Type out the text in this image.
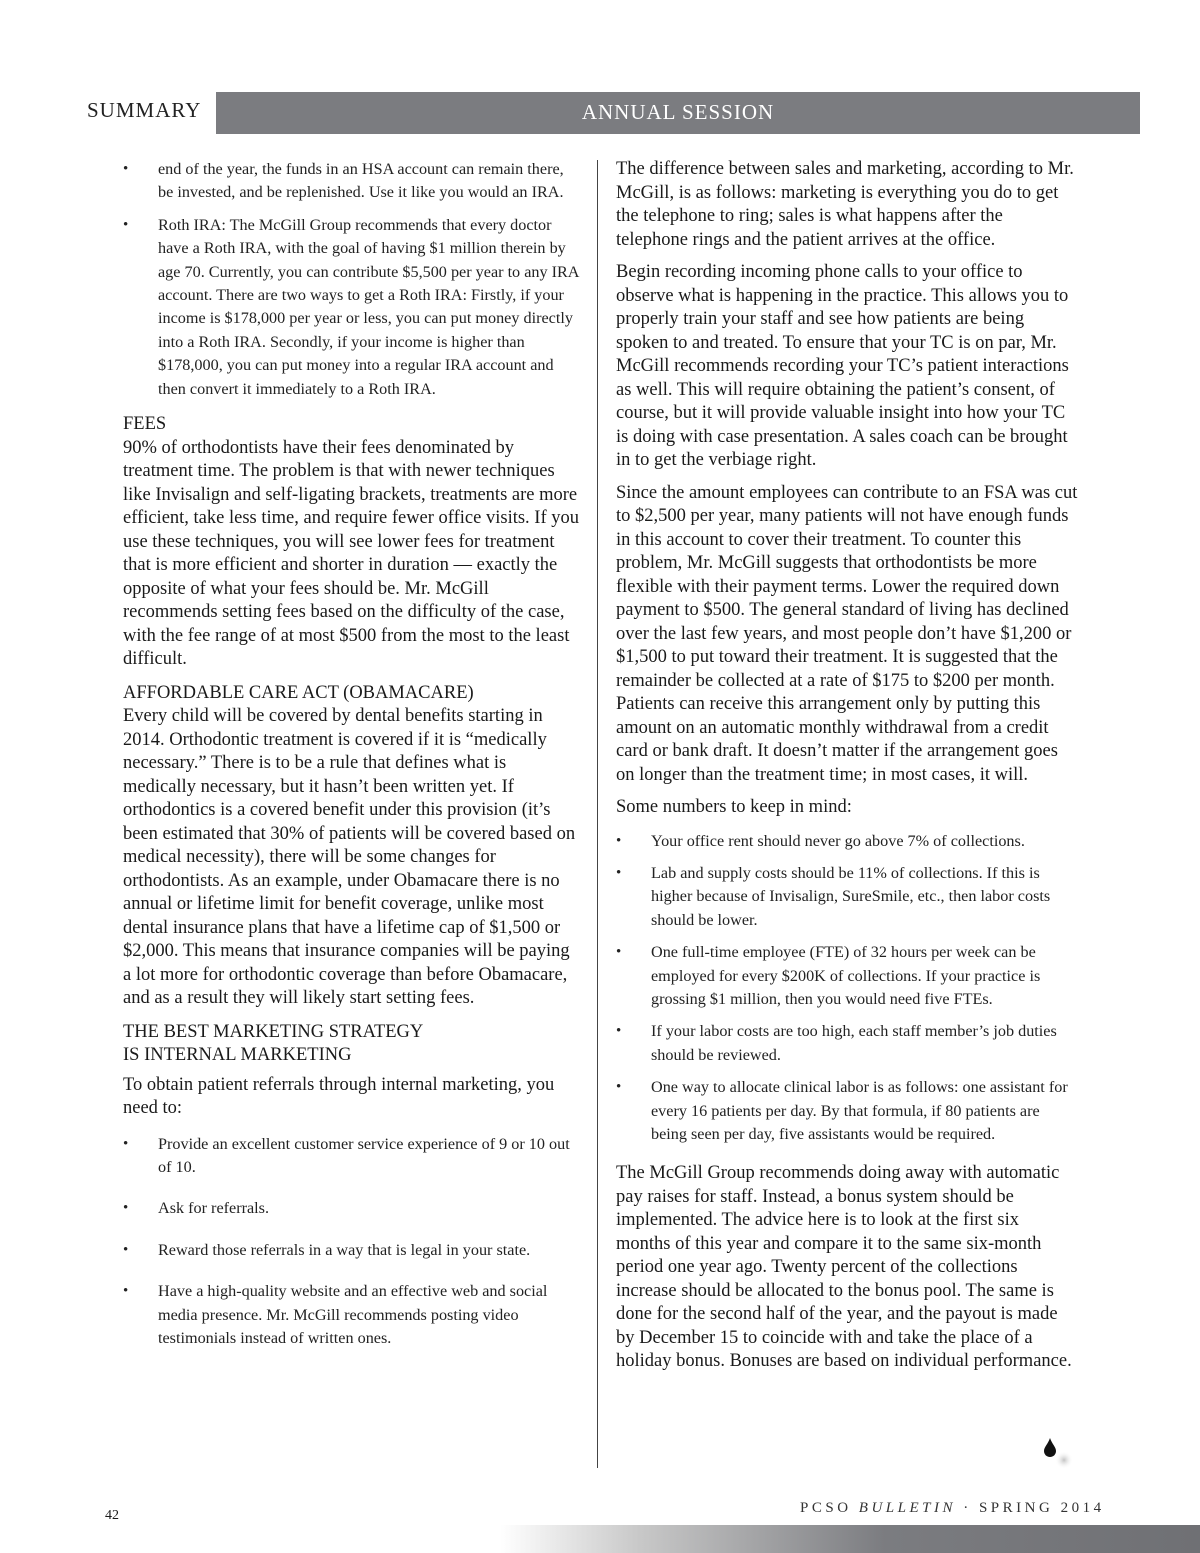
SUMMARY	ANNUAL SESSION
• end of the year, the funds in an HSA account can remain there, be invested, and be replenished. Use it like you would an IRA.
• Roth IRA: The McGill Group recommends that every doctor have a Roth IRA, with the goal of having $1 million therein by age 70. Currently, you can contribute $5,500 per year to any IRA account. There are two ways to get a Roth IRA: Firstly, if your income is $178,000 per year or less, you can put money directly into a Roth IRA. Secondly, if your income is higher than $178,000, you can put money into a regular IRA account and then convert it immediately to a Roth IRA.

FEES

90% of orthodontists have their fees denominated by treatment time. The problem is that with newer techniques like Invisalign and self-ligating brackets, treatments are more efficient, take less time, and require fewer office visits. If you use these techniques, you will see lower fees for treatment that is more efficient and shorter in duration — exactly the opposite of what your fees should be. Mr. McGill recommends setting fees based on the difficulty of the case, with the fee range of at most $500 from the most to the least difficult.

AFFORDABLE CARE ACT (OBAMACARE)

Every child will be covered by dental benefits starting in 2014. Orthodontic treatment is covered if it is “medically necessary.” There is to be a rule that defines what is medically necessary, but it hasn’t been written yet. If orthodontics is a covered benefit under this provision (it’s been estimated that 30% of patients will be covered based on medical necessity), there will be some changes for orthodontists. As an example, under Obamacare there is no annual or lifetime limit for benefit coverage, unlike most dental insurance plans that have a lifetime cap of $1,500 or $2,000. This means that insurance companies will be paying a lot more for orthodontic coverage than before Obamacare, and as a result they will likely start setting fees.

THE BEST MARKETING STRATEGY

IS INTERNAL MARKETING

To obtain patient referrals through internal marketing, you need to:

• Provide an excellent customer service experience of 9 or 10 out of 10.
• Ask for referrals.
• Reward those referrals in a way that is legal in your state.
• Have a high-quality website and an effective web and social media presence. Mr. McGill recommends posting video testimonials instead of written ones.

The difference between sales and marketing, according to Mr. McGill, is as follows: marketing is everything you do to get the telephone to ring; sales is what happens after the telephone rings and the patient arrives at the office.

Begin recording incoming phone calls to your office to observe what is happening in the practice. This allows you to properly train your staff and see how patients are being spoken to and treated. To ensure that your TC is on par, Mr. McGill recommends recording your TC’s patient interactions as well. This will require obtaining the patient’s consent, of course, but it will provide valuable insight into how your TC is doing with case presentation. A sales coach can be brought in to get the verbiage right.

Since the amount employees can contribute to an FSA was cut to $2,500 per year, many patients will not have enough funds in this account to cover their treatment. To counter this problem, Mr. McGill suggests that orthodontists be more flexible with their payment terms. Lower the required down payment to $500. The general standard of living has declined over the last few years, and most people don’t have $1,200 or $1,500 to put toward their treatment. It is suggested that the remainder be collected at a rate of $175 to $200 per month. Patients can receive this arrangement only by putting this amount on an automatic monthly withdrawal from a credit card or bank draft. It doesn’t matter if the arrangement goes on longer than the treatment time; in most cases, it will.

Some numbers to keep in mind:

• Your office rent should never go above 7% of collections.
• Lab and supply costs should be 11% of collections. If this is higher because of Invisalign, SureSmile, etc., then labor costs should be lower.
• One full-time employee (FTE) of 32 hours per week can be employed for every $200K of collections. If your practice is grossing $1 million, then you would need five FTEs.
• If your labor costs are too high, each staff member’s job duties should be reviewed.
• One way to allocate clinical labor is as follows: one assistant for every 16 patients per day. By that formula, if 80 patients are being seen per day, five assistants would be required.

The McGill Group recommends doing away with automatic pay raises for staff. Instead, a bonus system should be implemented. The advice here is to look at the first six months of this year and compare it to the same six-month period one year ago. Twenty percent of the collections increase should be allocated to the bonus pool. The same is done for the second half of the year, and the payout is made by December 15 to coincide with and take the place of a holiday bonus. Bonuses are based on individual performance.

42	PCSO BULLETIN · SPRING 2014
